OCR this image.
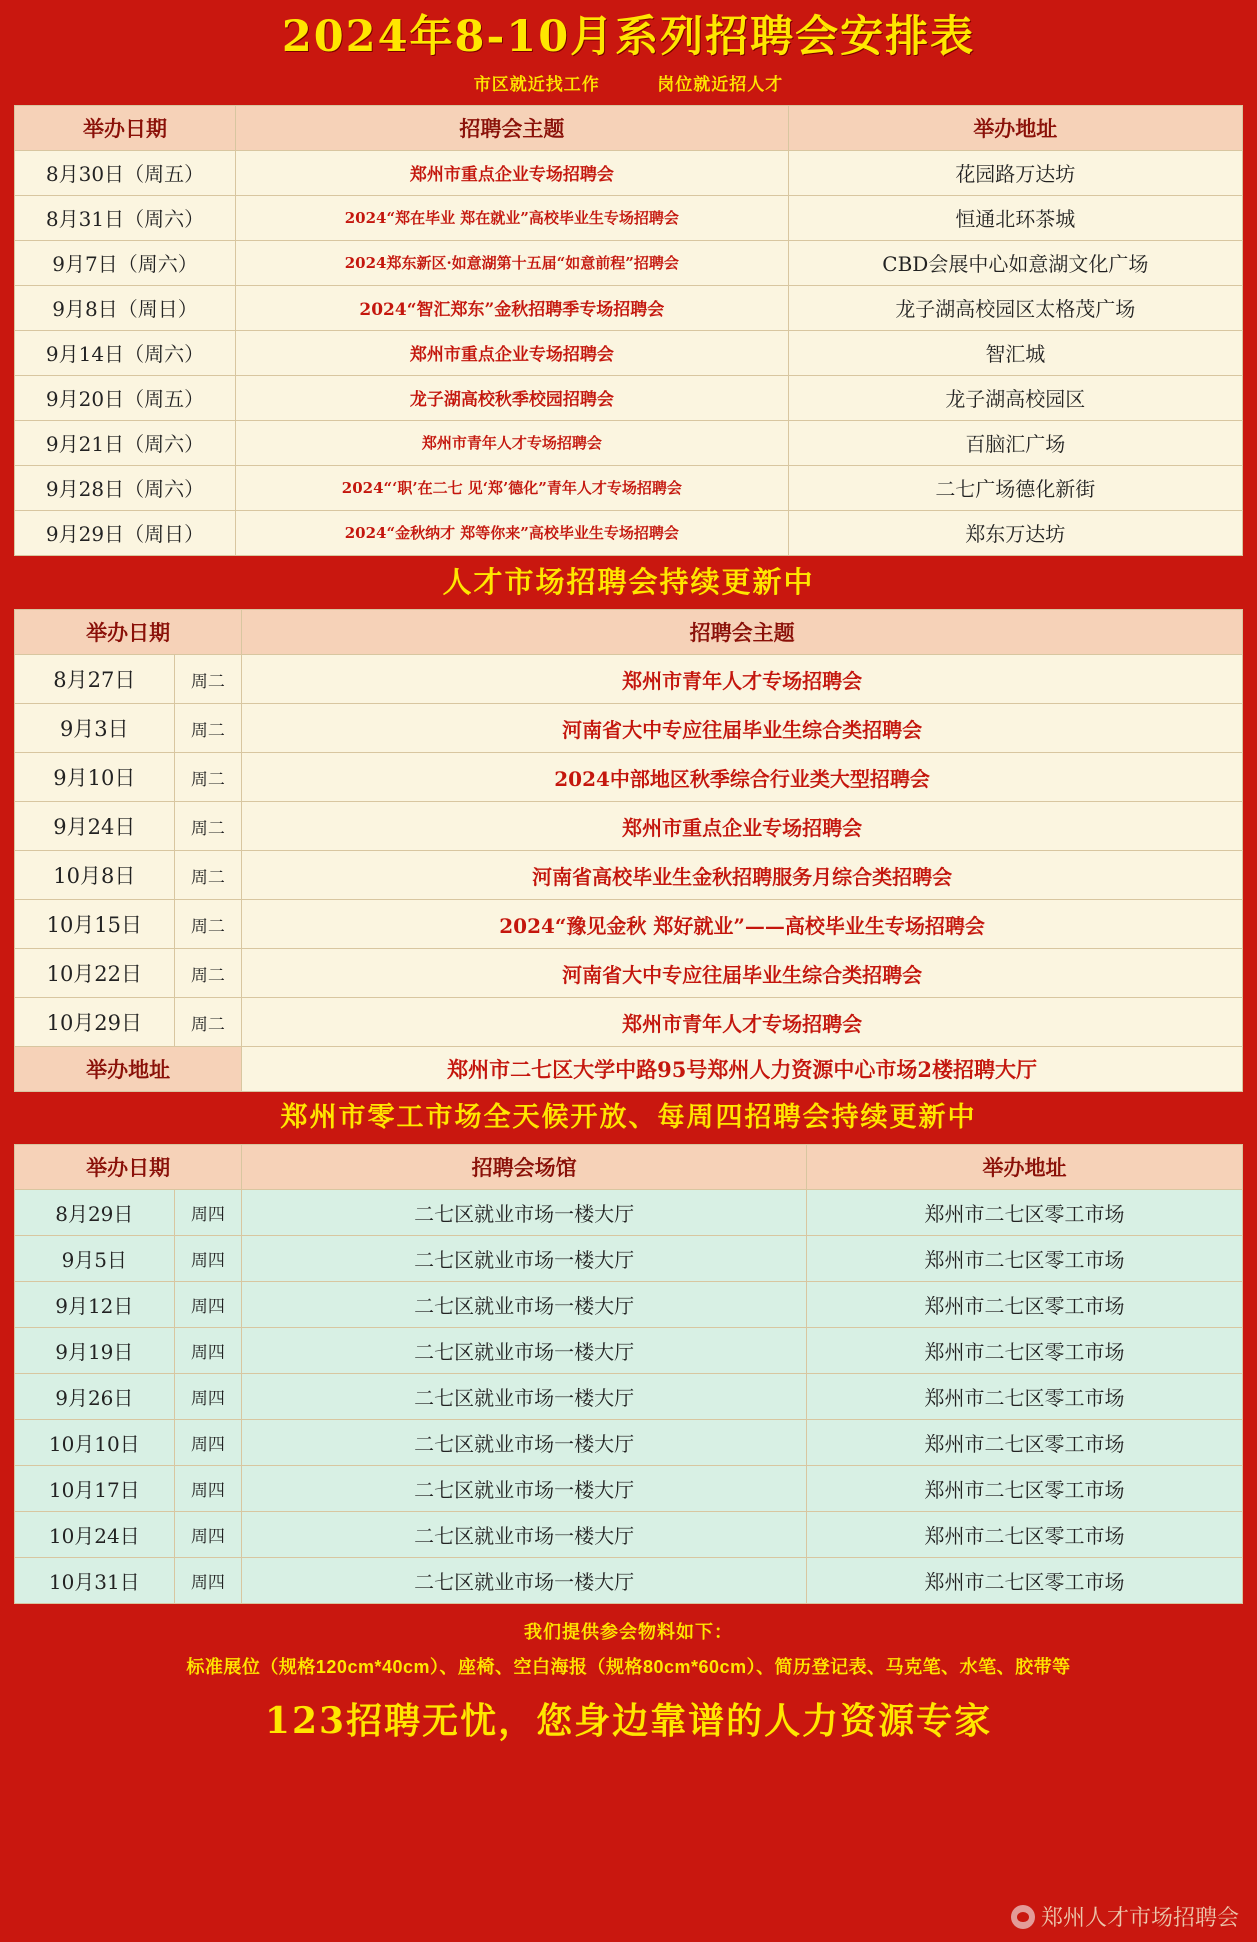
2024年8-10月系列招聘会安排表
市区就近找工作	岗位就近招人才
举办日期	招聘会主题	举办地址
8月30日（周五）	郑州市重点企业专场招聘会	花园路万达坊
8月31日（周六）	2024“郑在毕业 郑在就业”高校毕业生专场招聘会	恒通北环茶城
9月7日（周六）	2024郑东新区·如意湖第十五届“如意前程”招聘会	CBD会展中心如意湖文化广场
9月8日（周日）	2024“智汇郑东”金秋招聘季专场招聘会	龙子湖高校园区太格茂广场
9月14日（周六）	郑州市重点企业专场招聘会	智汇城
9月20日（周五）	龙子湖高校秋季校园招聘会	龙子湖高校园区
9月21日（周六）	郑州市青年人才专场招聘会	百脑汇广场
9月28日（周六）	2024“‘职’在二七 见‘郑’德化”青年人才专场招聘会	二七广场德化新街
9月29日（周日）	2024“金秋纳才 郑等你来”高校毕业生专场招聘会	郑东万达坊
人才市场招聘会持续更新中
举办日期		招聘会主题
8月27日	周二	郑州市青年人才专场招聘会
9月3日	周二	河南省大中专应往届毕业生综合类招聘会
9月10日	周二	2024中部地区秋季综合行业类大型招聘会
9月24日	周二	郑州市重点企业专场招聘会
10月8日	周二	河南省高校毕业生金秋招聘服务月综合类招聘会
10月15日	周二	2024“豫见金秋 郑好就业”——高校毕业生专场招聘会
10月22日	周二	河南省大中专应往届毕业生综合类招聘会
10月29日	周二	郑州市青年人才专场招聘会
举办地址		郑州市二七区大学中路95号郑州人力资源中心市场2楼招聘大厅
郑州市零工市场全天候开放、每周四招聘会持续更新中
举办日期		招聘会场馆	举办地址
8月29日	周四	二七区就业市场一楼大厅	郑州市二七区零工市场
9月5日	周四	二七区就业市场一楼大厅	郑州市二七区零工市场
9月12日	周四	二七区就业市场一楼大厅	郑州市二七区零工市场
9月19日	周四	二七区就业市场一楼大厅	郑州市二七区零工市场
9月26日	周四	二七区就业市场一楼大厅	郑州市二七区零工市场
10月10日	周四	二七区就业市场一楼大厅	郑州市二七区零工市场
10月17日	周四	二七区就业市场一楼大厅	郑州市二七区零工市场
10月24日	周四	二七区就业市场一楼大厅	郑州市二七区零工市场
10月31日	周四	二七区就业市场一楼大厅	郑州市二七区零工市场
我们提供参会物料如下：
标准展位（规格120cm*40cm）、座椅、空白海报（规格80cm*60cm）、简历登记表、马克笔、水笔、胶带等
123招聘无忧，您身边靠谱的人力资源专家
郑州人才市场招聘会
